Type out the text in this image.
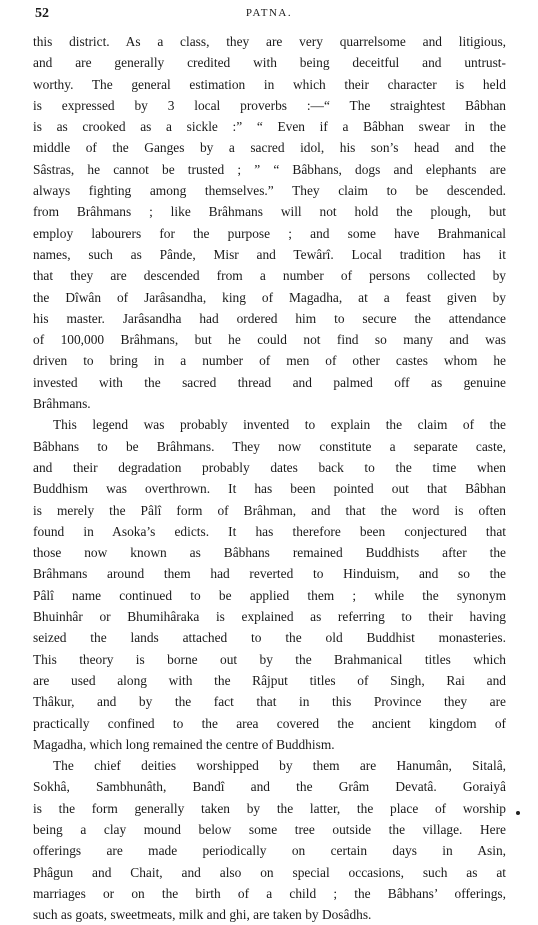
52	PATNA.
this district. As a class, they are very quarrelsome and litigious,
and are generally credited with being deceitful and untrust-
worthy. The general estimation in which their character is held
is expressed by 3 local proverbs :—“ The straightest Bâbhan
is as crooked as a sickle :” “ Even if a Bâbhan swear in the
middle of the Ganges by a sacred idol, his son’s head and the
Sâstras, he cannot be trusted ; ” “ Bâbhans, dogs and elephants are
always fighting among themselves.” They claim to be descended.
from Brâhmans ; like Brâhmans will not hold the plough, but
employ labourers for the purpose ; and some have Brahmanical
names, such as Pânde, Misr and Tewârî. Local tradition has it
that they are descended from a number of persons collected by
the Dîwân of Jarâsandha, king of Magadha, at a feast given by
his master. Jarâsandha had ordered him to secure the attendance
of 100,000 Brâhmans, but he could not find so many and was
driven to bring in a number of men of other castes whom he
invested with the sacred thread and palmed off as genuine
Brâhmans.
This legend was probably invented to explain the claim of the
Bâbhans to be Brâhmans. They now constitute a separate caste,
and their degradation probably dates back to the time when
Buddhism was overthrown. It has been pointed out that Bâbhan
is merely the Pâlî form of Brâhman, and that the word is often
found in Asoka’s edicts. It has therefore been conjectured that
those now known as Bâbhans remained Buddhists after the
Brâhmans around them had reverted to Hinduism, and so the
Pâlî name continued to be applied them ; while the synonym
Bhuinhâr or Bhumihâraka is explained as referring to their having
seized the lands attached to the old Buddhist monasteries.
This theory is borne out by the Brahmanical titles which
are used along with the Râjput titles of Singh, Rai and
Thâkur, and by the fact that in this Province they are
practically confined to the area covered the ancient kingdom of
Magadha, which long remained the centre of Buddhism.
The chief deities worshipped by them are Hanumân, Sitalâ,
Sokhâ, Sambhunâth, Bandî and the Grâm Devatâ. Goraiyâ
is the form generally taken by the latter, the place of worship
being a clay mound below some tree outside the village. Here
offerings are made periodically on certain days in Asin,
Phâgun and Chait, and also on special occasions, such as at
marriages or on the birth of a child ; the Bâbhans’ offerings,
such as goats, sweetmeats, milk and ghi, are taken by Dosâdhs.
